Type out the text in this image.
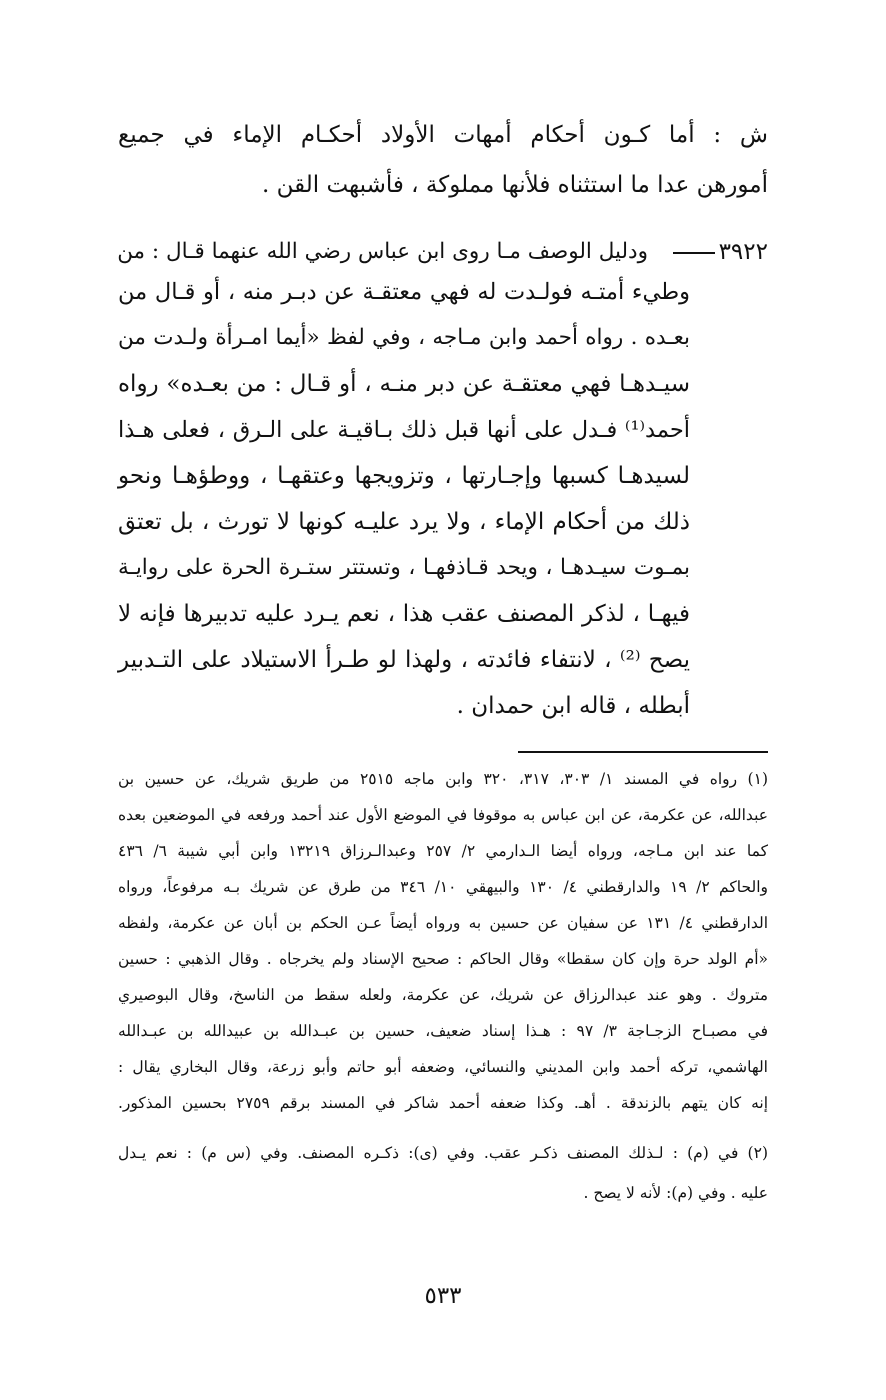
ش : أما كـون أحكام أمهات الأولاد أحكـام الإماء في جميع
أمورهن عدا ما استثناه فلأنها مملوكة ، فأشبهت القن .
٣٩٢٢
ودليل الوصف مـا روى ابن عباس رضي الله عنهما قـال : من
وطيء أمتـه فولـدت له فهي معتقـة عن دبـر منه ، أو قـال من
بعـده . رواه أحمد وابن مـاجه ، وفي لفظ «أيما امـرأة ولـدت من
سيـدهـا فهي معتقـة عن دبر منـه ، أو قـال : من بعـده» رواه
أحمد⁽¹⁾ فـدل على أنها قبل ذلك بـاقيـة على الـرق ، فعلى هـذا
لسيدهـا كسبها وإجـارتها ، وتزويجها وعتقهـا ، ووطؤهـا ونحو
ذلك من أحكام الإماء ، ولا يرد عليـه كونها لا تورث ، بل تعتق
بمـوت سيـدهـا ، ويحد قـاذفهـا ، وتستتر ستـرة الحرة على روايـة
فيهـا ، لذكر المصنف عقب هذا ، نعم يـرد عليه تدبيرها فإنه لا
يصح ⁽²⁾ ، لانتفاء فائدته ، ولهذا لو طـرأ الاستيلاد على التـدبير
أبطله ، قاله ابن حمدان .
(١) رواه في المسند ١/ ٣٠٣، ٣١٧، ٣٢٠ وابن ماجه ٢٥١٥ من طريق شريك، عن حسين بن
عبدالله، عن عكرمة، عن ابن عباس به موقوفا في الموضع الأول عند أحمد ورفعه في الموضعين بعده
كما عند ابن مـاجه، ورواه أيضا الـدارمي ٢/ ٢٥٧ وعبدالـرزاق ١٣٢١٩ وابن أبي شيبة ٦/ ٤٣٦
والحاكم ٢/ ١٩ والدارقطني ٤/ ١٣٠ والبيهقي ١٠/ ٣٤٦ من طرق عن شريك بـه مرفوعاً، ورواه
الدارقطني ٤/ ١٣١ عن سفيان عن حسين به ورواه أيضاً عـن الحكم بن أبان عن عكرمة، ولفظه
«أم الولد حرة وإن كان سقطا» وقال الحاكم : صحيح الإسناد ولم يخرجاه . وقال الذهبي : حسين
متروك . وهو عند عبدالرزاق عن شريك، عن عكرمة، ولعله سقط من الناسخ، وقال البوصيري
في مصبـاح الزجـاجة ٣/ ٩٧ : هـذا إسناد ضعيف، حسين بن عبـدالله بن عبيدالله بن عبـدالله
الهاشمي، تركه أحمد وابن المديني والنسائي، وضعفه أبو حاتم وأبو زرعة، وقال البخاري يقال :
إنه كان يتهم بالزندقة . أهـ. وكذا ضعفه أحمد شاكر في المسند برقم ٢٧٥٩ بحسين المذكور.
(٢) في (م) : لـذلك المصنف ذكـر عقب. وفي (ى): ذكـره المصنف. وفي (س م) : نعم يـدل
عليه . وفي (م): لأنه لا يصح .
٥٣٣
